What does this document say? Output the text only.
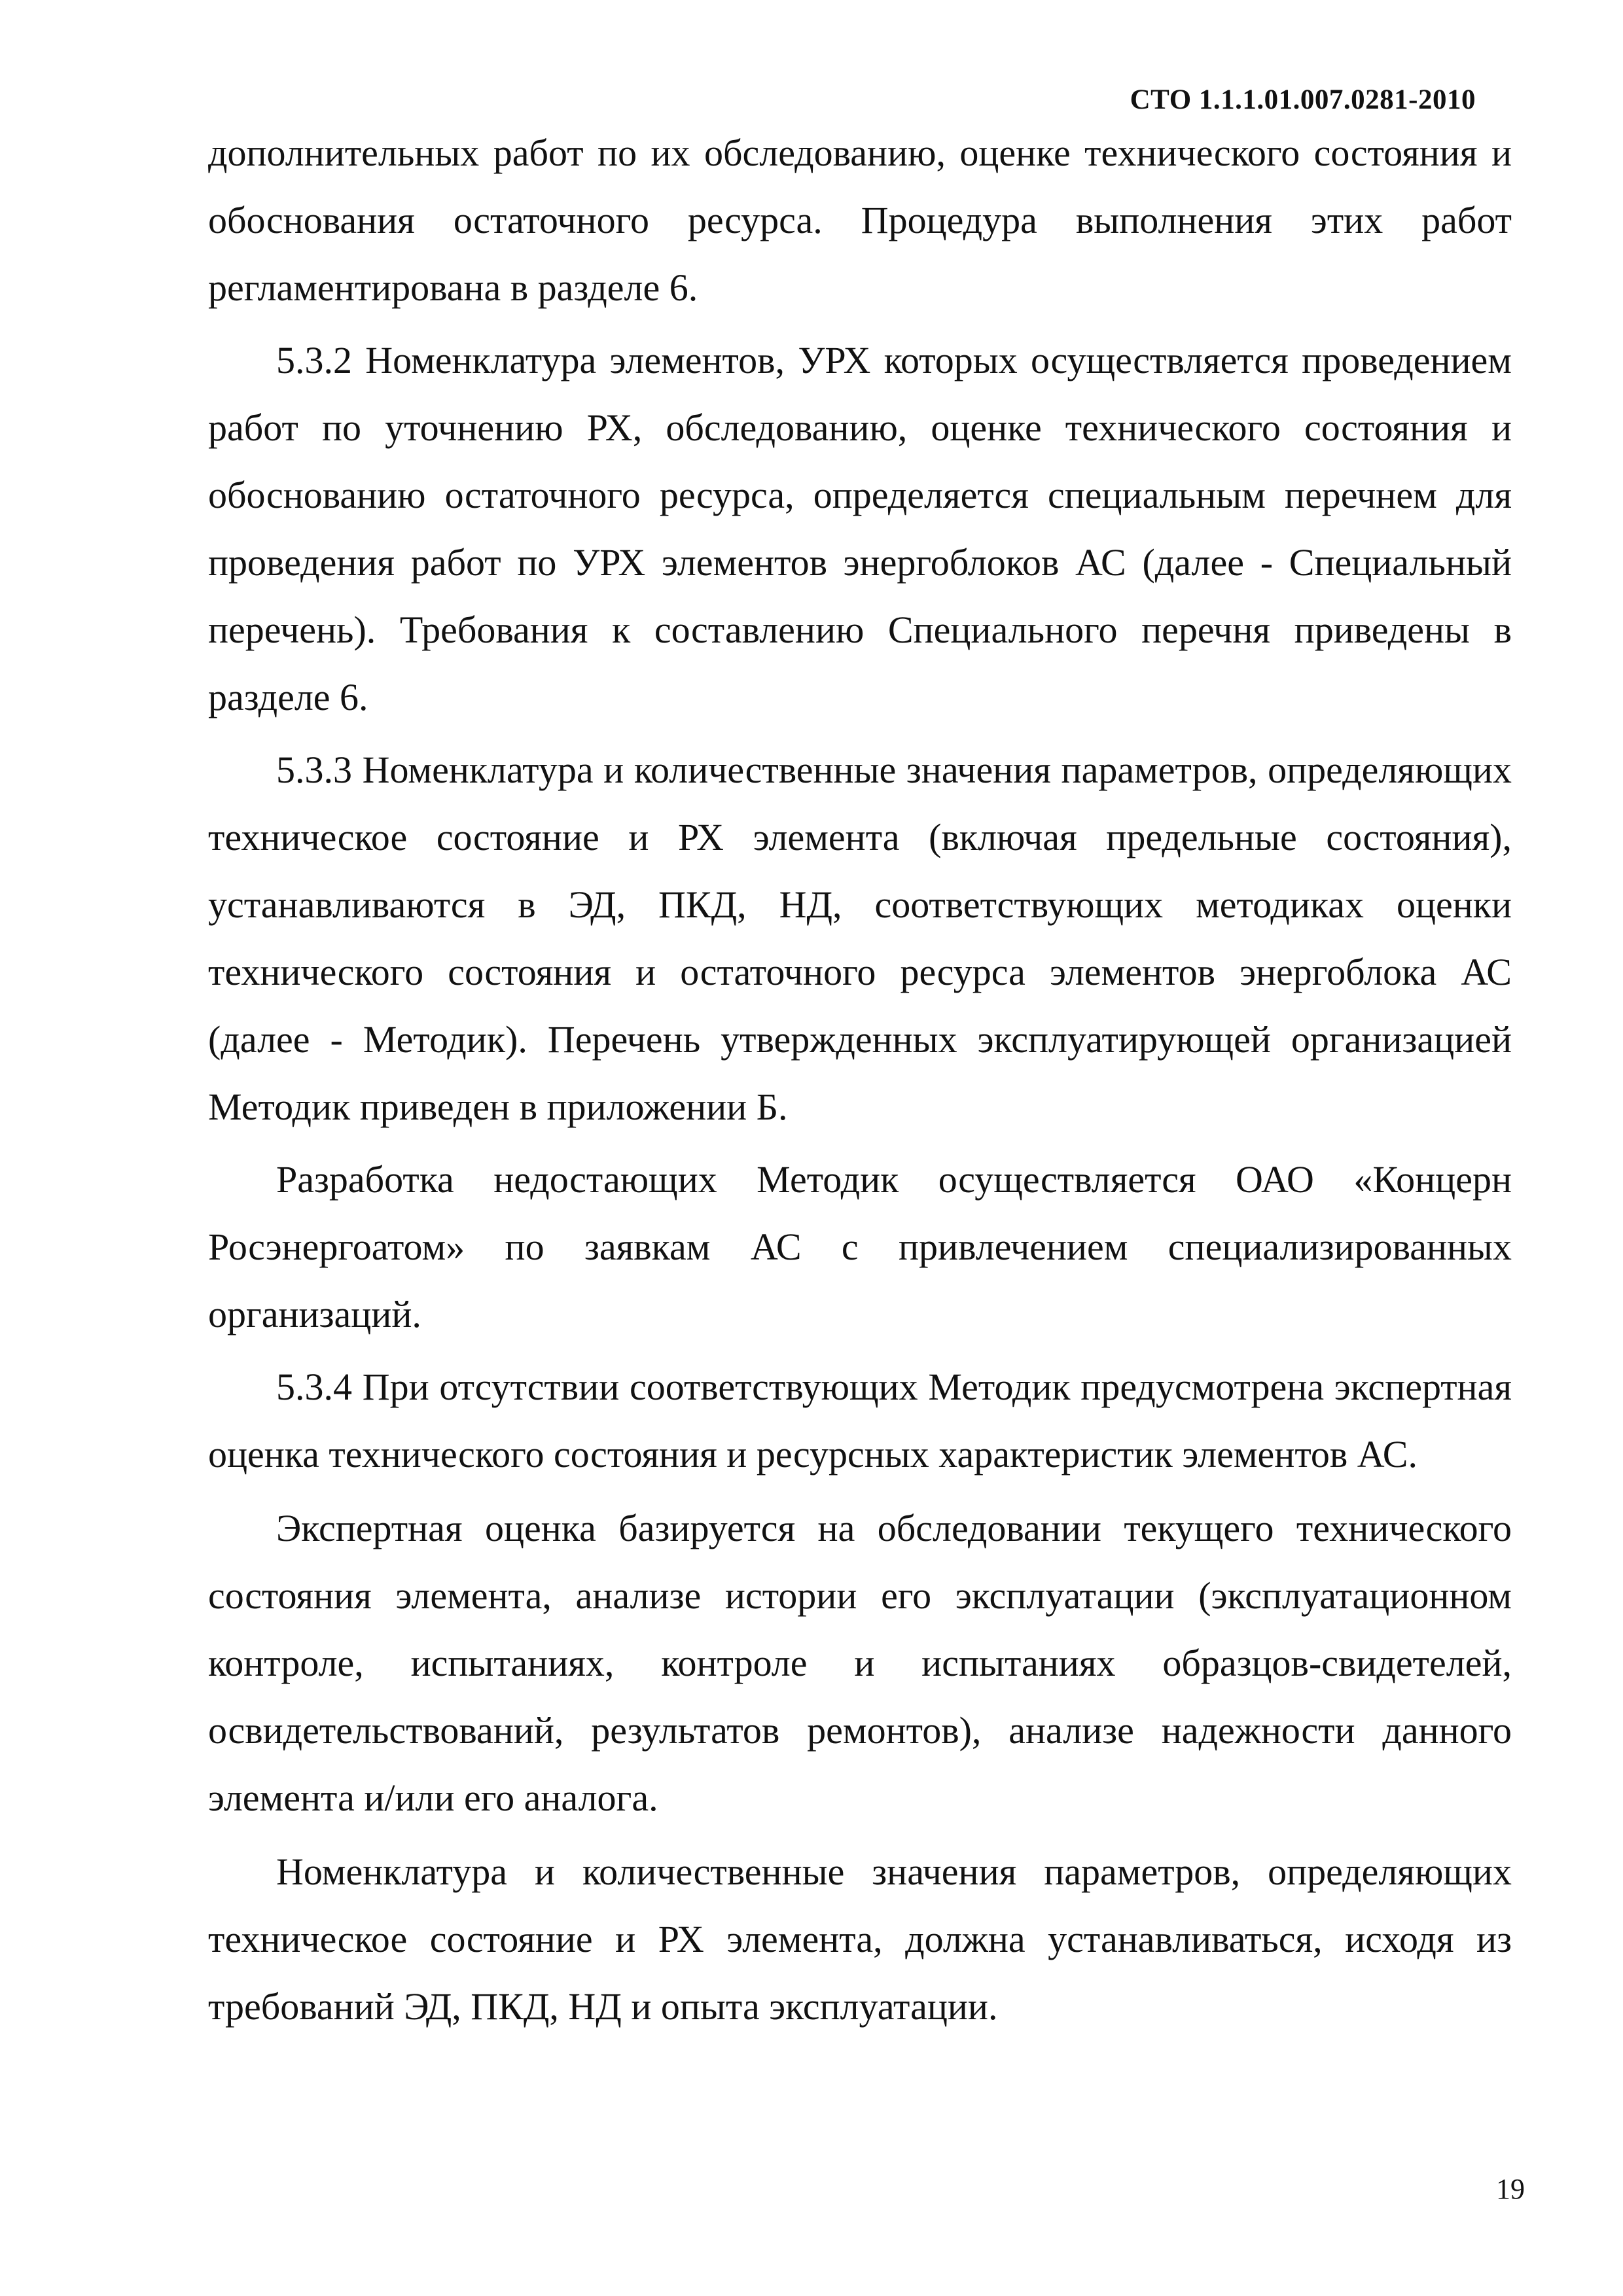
СТО 1.1.1.01.007.0281-2010

дополнительных работ по их обследованию, оценке технического состояния и обоснования остаточного ресурса. Процедура выполнения этих работ регламентирована в разделе 6.

5.3.2 Номенклатура элементов, УРХ которых осуществляется проведением работ по уточнению РХ, обследованию, оценке технического состояния и обоснованию остаточного ресурса, определяется специальным перечнем для проведения работ по УРХ элементов энергоблоков АС (далее - Специальный перечень). Требования к составлению Специального перечня приведены в разделе 6.

5.3.3 Номенклатура и количественные значения параметров, определяющих техническое состояние и РХ элемента (включая предельные состояния), устанавливаются в ЭД, ПКД, НД, соответствующих методиках оценки технического состояния и остаточного ресурса элементов энергоблока АС (далее - Методик). Перечень утвержденных эксплуатирующей организацией Методик приведен в приложении Б.

Разработка недостающих Методик осуществляется ОАО «Концерн Росэнергоатом» по заявкам АС с привлечением специализированных организаций.

5.3.4 При отсутствии соответствующих Методик предусмотрена экспертная оценка технического состояния и ресурсных характеристик элементов АС.

Экспертная оценка базируется на обследовании текущего технического состояния элемента, анализе истории его эксплуатации (эксплуатационном контроле, испытаниях, контроле и испытаниях образцов-свидетелей, освидетельствований, результатов ремонтов), анализе надежности данного элемента и/или его аналога.

Номенклатура и количественные значения параметров, определяющих техническое состояние и РХ элемента, должна устанавливаться, исходя из требований ЭД, ПКД, НД и опыта эксплуатации.

19
